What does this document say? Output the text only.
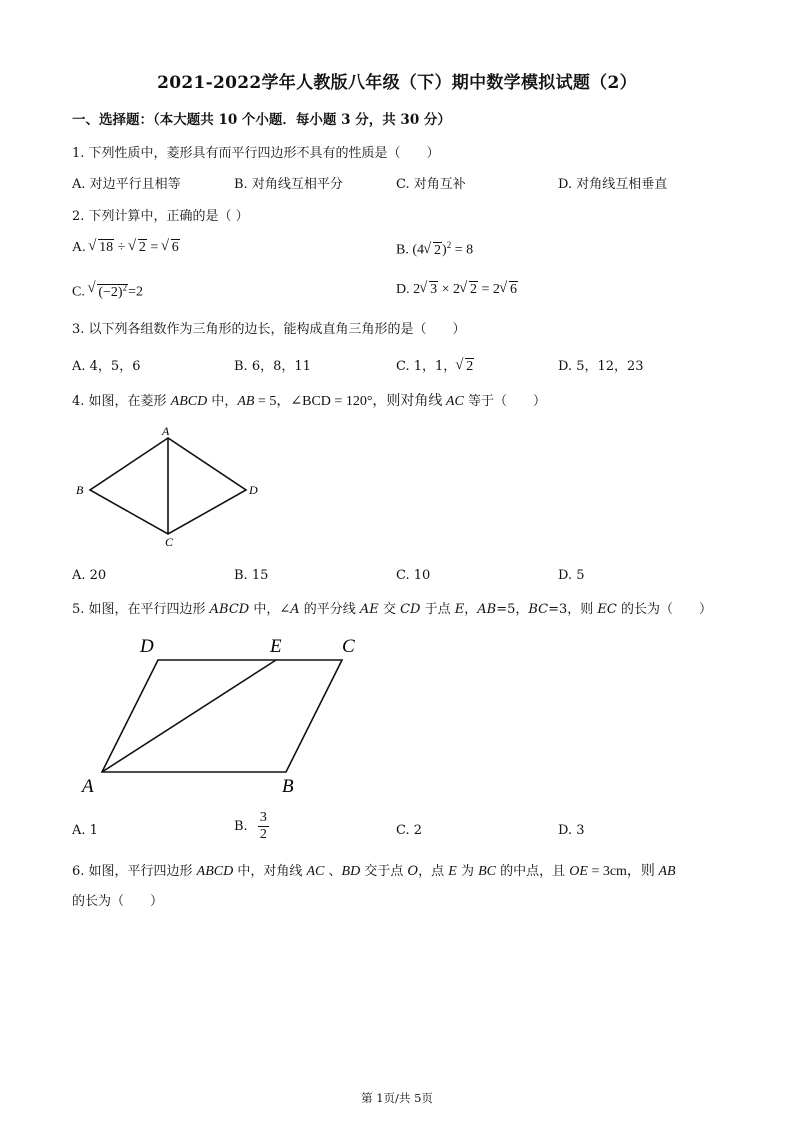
2021-2022学年人教版八年级（下）期中数学模拟试题（2）
一、选择题：（本大题共 10 个小题．每小题 3 分，共 30 分）
1. 下列性质中，菱形具有而平行四边形不具有的性质是（　　）
A. 对边平行且相等	B. 对角线互相平分	C. 对角互补	D. 对角线互相垂直
2. 下列计算中，正确的是（ ）
A. √ 18 ÷ √ 2 = √ 6	B. (4 √ 2)$^2$ = 8
C. √ $(-2)^2=2$	D. 2 √ 3 × 2 √ 2 = 2 √ 6
3. 以下列各组数作为三角形的边长，能构成直角三角形的是（　　）
A. 4，5，6	B. 6，8，11	C. 1，1， √ 2	D. 5，12，23
4. 如图，在菱形 ABCD 中，AB = 5，∠BCD = 120°，则对角线 AC 等于（　　）
A
B
C
D
A. 20	B. 15	C. 10	D. 5
5. 如图，在平行四边形 ABCD 中，∠A 的平分线 AE 交 CD 于点 E，AB=5，BC=3，则 EC 的长为（　　）
A	B
C
D	E
A. 1	B. $\frac{3}{2}$	C. 2	D. 3
6. 如图，平行四边形 ABCD 中，对角线 AC 、BD 交于点 O，点 E 为 BC 的中点，且 OE = 3cm，则 AB
的长为（　　）
第 1页/共 5页
